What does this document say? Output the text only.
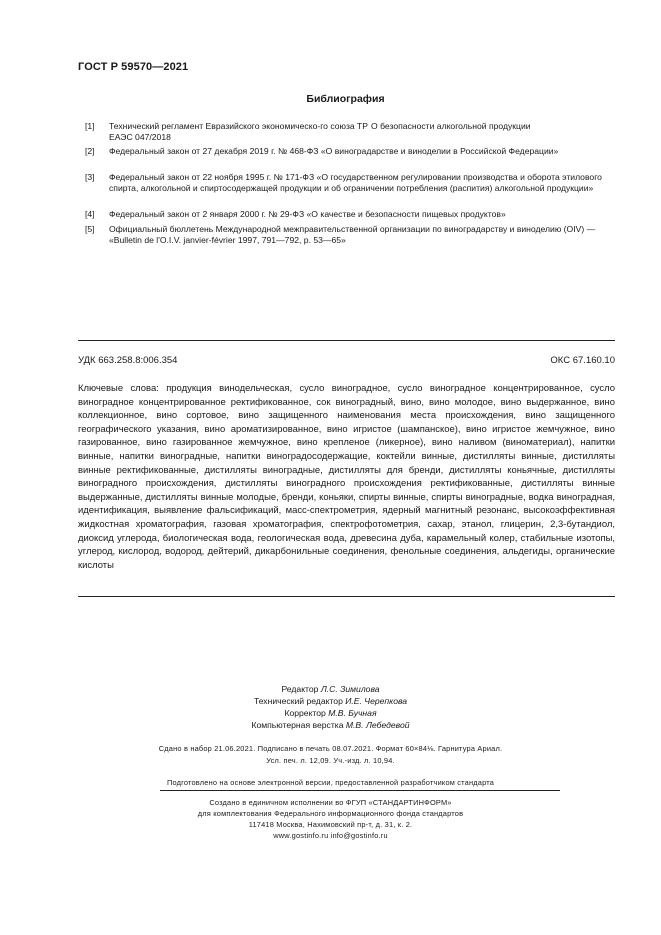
ГОСТ Р 59570—2021
Библиография
[1] Технический регламент Евразийского экономическо-го союза ТР ЕАЭС 047/2018О безопасности алкогольной продукции
[2] Федеральный закон от 27 декабря 2019 г. № 468-ФЗ «О виноградарстве и виноделии в Российской Федерации»
[3] Федеральный закон от 22 ноября 1995 г. № 171-ФЗ «О государственном регулировании производства и оборота этилового спирта, алкогольной и спиртосодержащей продукции и об ограничении потребления (распития) алкогольной продукции»
[4] Федеральный закон от 2 января 2000 г. № 29-ФЗ «О качестве и безопасности пищевых продуктов»
[5] Официальный бюллетень Международной межправительственной организации по виноградарству и виноделию (OIV) — «Bulletin de l'O.I.V. janvier-février 1997, 791—792, p. 53—65»
УДК 663.258.8:006.354	ОКС 67.160.10
Ключевые слова: продукция винодельческая, сусло виноградное, сусло виноградное концентрированное, сусло виноградное концентрированное ректификованное, сок виноградный, вино, вино молодое, вино выдержанное, вино коллекционное, вино сортовое, вино защищенного наименования места происхождения, вино защищенного географического указания, вино ароматизированное, вино игристое (шампанское), вино игристое жемчужное, вино газированное, вино газированное жемчужное, вино крепленое (ликерное), вино наливом (виноматериал), напитки винные, напитки виноградные, напитки виноградосодержащие, коктейли винные, дистилляты винные, дистилляты винные ректификованные, дистилляты виноградные, дистилляты для бренди, дистилляты коньячные, дистилляты винограднoго происхождения, дистилляты виноградного происхождения ректификованные, дистилляты винные выдержанные, дистилляты винные молодые, бренди, коньяки, спирты винные, спирты виноградные, водка виноградная, идентификация, выявление фальсификаций, масс-спектрометрия, ядерный магнитный резонанс, высокоэффективная жидкостная хроматография, газовая хроматография, спектрофотометрия, сахар, этанол, глицерин, 2,3-бутандиол, диоксид углерода, биологическая вода, геологическая вода, древесина дуба, карамельный колер, стабильные изотопы, углерод, кислород, водород, дейтерий, дикарбонильные соединения, фенольные соединения, альдегиды, органические кислоты
Редактор Л.С. Зимилова
Технический редактор И.Е. Черепкова
Корректор М.В. Бучная
Компьютерная верстка М.В. Лебедевой
Сдано в набор 21.06.2021. Подписано в печать 08.07.2021. Формат 60×84⅛. Гарнитура Ариал.
Усл. печ. л. 12,09. Уч.-изд. л. 10,94.
Подготовлено на основе электронной версии, предоставленной разработчиком стандарта
Создано в единичном исполнении во ФГУП «СТАНДАРТИНФОРМ»
для комплектования Федерального информационного фонда стандартов
117418 Москва, Нахимовский пр-т, д. 31, к. 2.
www.gostinfo.ru info@gostinfo.ru
